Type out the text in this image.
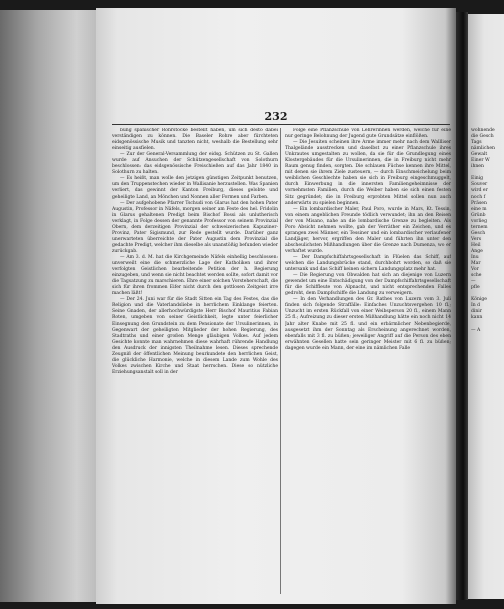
232

bung spanischer Rohrstöcke bestellt haben, um sich desto dabei verständigen zu können. Die Baseler Rohre aber fürchteten eidsgenössische Musik und tanzten nicht, weshalb die Bestellung sehr einseitig ausfielen.

— Zur der General-Versammlung der eidsg. Schützen zu St. Gallen wurde auf Ansuchen der Schützengesellschaft von Solothurn beschlossen: das eidsgenössische Freischießen auf das Jahr 1840 in Solothurn zu halten.

— Es heißt, man wolle den jetzigen günstigen Zeitpunkt benutzen, um den Truppenstechen wieder in Wallisanie herzustellen. Was Spanien verliert, das gewinnt der Kanton Freiburg, dieses gelobte und geheiligte Land, an Mönchen und Nonnen aller Formen und Farben.

— Der aufgehobene Pfarrer Tschudi von Glarus hat den hohen Pater Augustin, Professor in Näfels, morgen seiner am Feste des hel. Fridolin in Glarus gehaltenen Predigt beim Bischof Bossi als unlutherisch verklagt, in Folge dessen der genannte Professor von seinem Provinzial Obern, dem derzeitigen Provinzial der schweizerischen Kapuziner-Provinz, Pater Sigismund, zur Rede gestellt wurde. Darüber ganz unerwarteten überreichte der Pater Augustin dem Provinzial die gedachte Predigt, welcher ihm dieselbe als unanstößig befunden wieder zurückgab.

— Am 3. d. M. hat die Kirchgemeinde Näfels einhellig beschlossen: unverweilt eine die schmerzliche Lage der Katholiken und ihrer verfolgten Geistlichen bearbeitende Petition der h. Regierung einzugeben, und wenn sie nicht beachtet werden sollte, sofort damit vor die Tagsatzung zu marschieren. Ehre einer solchen Vorsteherschaft, die sich für ihren frommen Eifer nicht durch den gottlosen Zeitgeist irre machen läßt!

— Der 24. Juni war für die Stadt Sitten ein Tag des Festes, das die Religion und die Vaterlandsliebe in herrlichem Einklange feierten. Seine Gnaden, der allerhochwürdigste Herr Bischof Mauritius Fabian Roten, umgeben von seiner Geistlichkeit, legte unter feierlicher Einsegnung den Grundstein zu dem Pensionate der Ursulinerinnen, in Gegenwart der geheiligten Mitglieder der hohen Regierung, des Stadtraths und einer großen Menge gläubigen Volkes. Auf jedem Gesichte konnte man wahrnehmen diese wahrhaft rührende Handlung den Ausdruck der innigsten Theilnahme lesen. Dieses sprechende Zeugniß der öffentlichen Meinung beurkundete den herrlichen Geist, die glückliche Harmonie, welche in diesem Lande zum Wohle des Volkes zwischen Kirche und Staat herrschen. Diese so nützliche Erziehungsanstalt soll in der

Folge eine Pflanzschule von Lehrerinnen werden, welche für eine nur geringe Belohnung der Jugend gute Grundsätze einflößen.

— Die Jesuiten scheinen ihre Arme immer mehr nach dem Wallliser Thalgelände ausstrecken und daselbst zu einer Pflanzschule ihres Unkrautes umgestalten zu wollen, da sie für die Grundlegung eines Klostergebäudes für die Ursulinerinnen, die in Freiburg nicht mehr Raum genug finden, sorgten. Die schlauen Füchse kennen ihre Mittel, mit denen sie ihrem Ziele zusteuern, — durch Einschmeichelung beim weiblichen Geschlechte haben sie sich in Freiburg eingeschmuggelt, durch Einwerbung in die innersten Familiengeheimnisse der vornehmsten Familien, durch die Weiber haben sie sich einen festen Sitz gegründet; die in Freiburg erprobten Mittel sollen nun auch anderwärts zu spielen beginnen.

— Ein lombardischer Maler, Paul Poro, wurde in Mars, Kt. Tessin, von einem angeblichen Freunde tödlich verwundet; ihn an den Reisen der von Misano, nahe an die lombardische Grenze zu begleiten. Als Poro Absicht nehmen wollte, gab der Verräther ein Zeichen, und es sprangen zwei Männer, ein Tessiner und ein lombardischer verlaufener Landjäger, hervor, ergriffen den Maler und führten ihn unter den abscheulichsten Mißhandlungen über die Grenze nach Dumenza, wo er verhaftet wurde.

— Der Dampfschiffahrtsgesellschaft in Flüelen das Schiff, auf welchen die Landungsbrücke stand, durchbohrt worden, so daß sie untersank und das Schiff keinen sichern Landungsplatz mehr hat.

— Die Regierung von Obwalden hat sich an diejenige von Luzern gewendet um eine Entschädigung von der Dampfschiffahrtsgesellschaft für die Schiffleute von Alpnacht, und nicht entsprechenden Falles gedroht, dem Dampfschiffe die Landung zu verweigern.

— In den Verhandlungen des Gr. Rathes von Luzern vom 3. Juli finden sich folgende Straffälle: Einfaches Unzuchtsvergehen 10 fl.; Unzucht im ersten Rückfall von einer Weibsperson 20 fl., einem Mann 25 fl.; Aufreizung zu dieser ersten Mißhandlung hätte ein noch nicht 14 Jahr alter Knabe mit 25 fl. und ein erbärmlicher Nebenbegierde, ausgesetzt ihm der Sonntag als Erscheinung angerechnet worden, ebenfalls mit 3 fl. zu büßen; jeweiliger Angriff auf die Person des eben erwähnten Gesellen hatte sein geringer Meister mit 6 fl. zu büßen; dagegen wurde ein Mann, der eine im nämlichen Falle

wohnende
die Gesch
Tags
nämlichen
Gewalt
Einer W
ihnen
Einig
Souver
wird er
noch f
Präsen
eine m
Grünb
vorlieg
ternem
Gesch
Vers
Heil
Ange
Inu
Mar
Vor
sche
—
pfle
Könige
In d
dinir
kann
— A
